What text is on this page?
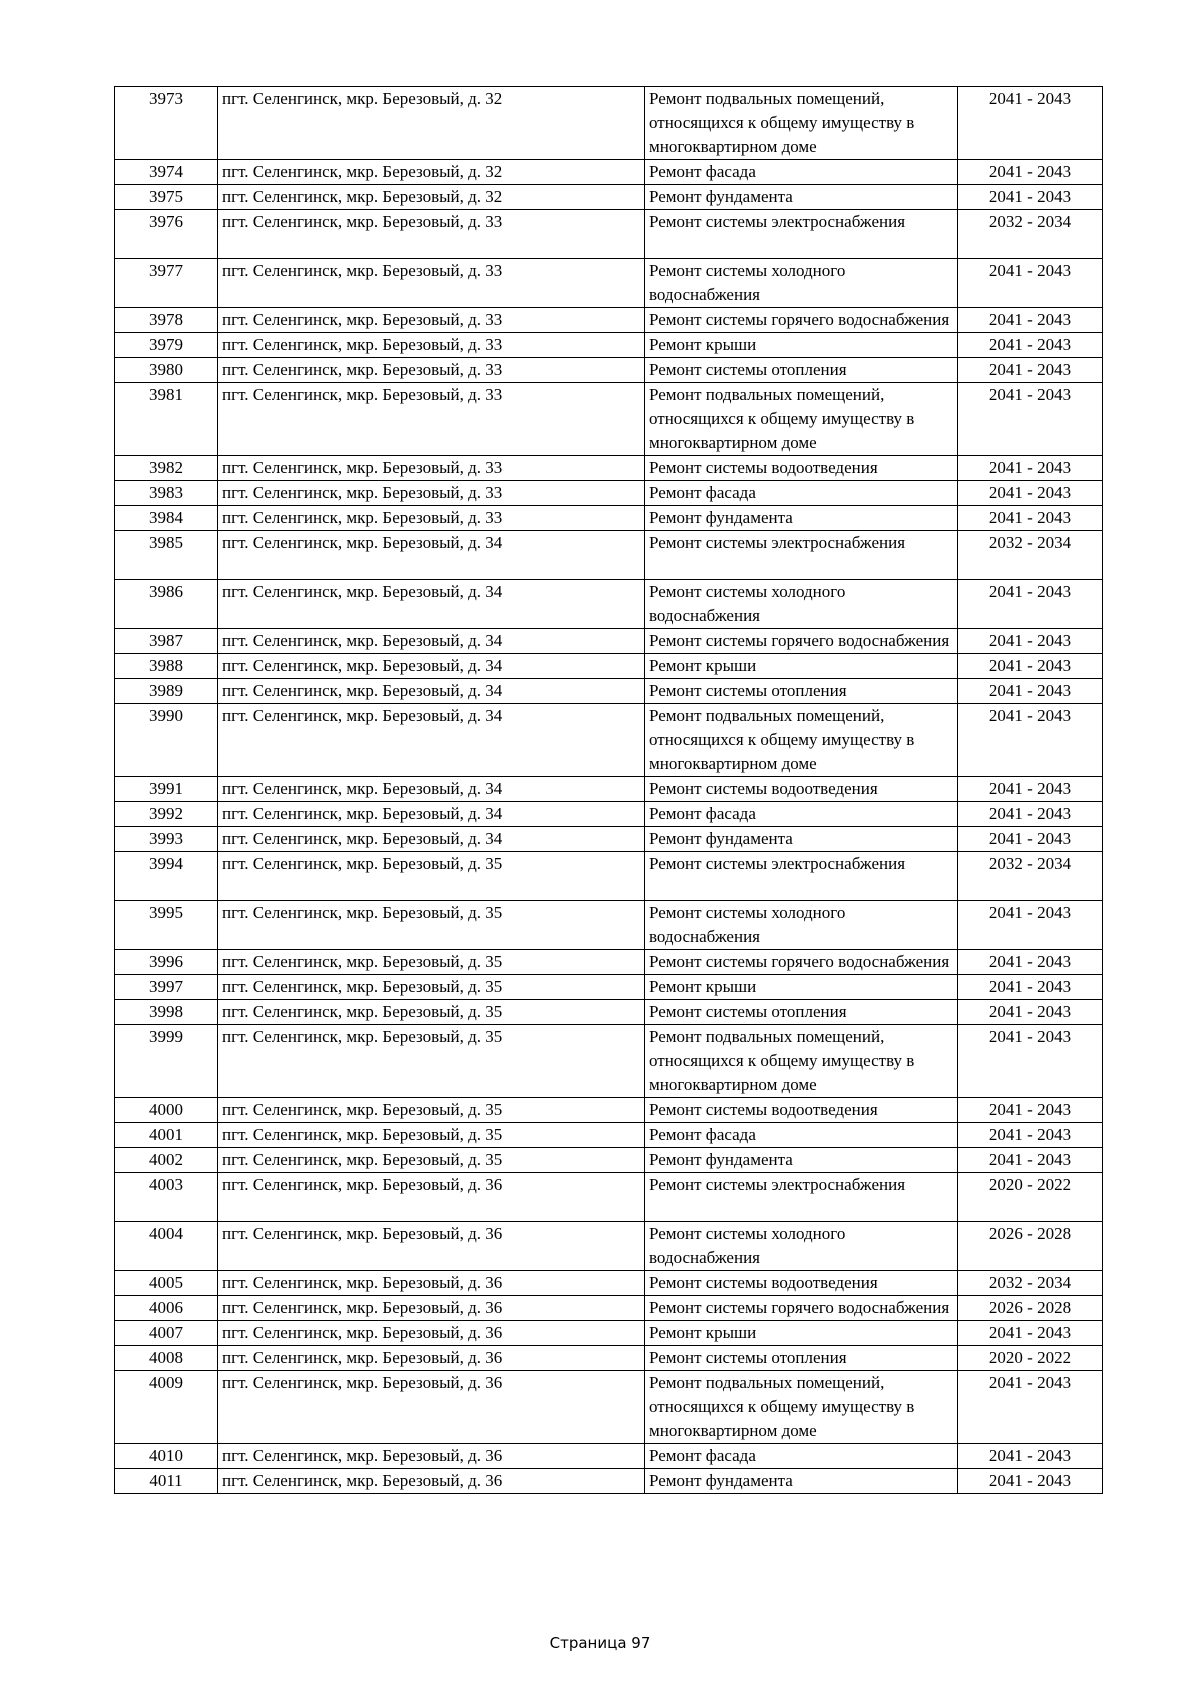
3973	пгт. Селенгинск, мкр. Березовый, д. 32	Ремонт подвальных помещений, относящихся к общему имуществу в многоквартирном доме	2041 - 2043
3974	пгт. Селенгинск, мкр. Березовый, д. 32	Ремонт фасада	2041 - 2043
3975	пгт. Селенгинск, мкр. Березовый, д. 32	Ремонт фундамента	2041 - 2043
3976	пгт. Селенгинск, мкр. Березовый, д. 33	Ремонт системы электроснабжения	2032 - 2034
3977	пгт. Селенгинск, мкр. Березовый, д. 33	Ремонт системы холодного водоснабжения	2041 - 2043
3978	пгт. Селенгинск, мкр. Березовый, д. 33	Ремонт системы горячего водоснабжения	2041 - 2043
3979	пгт. Селенгинск, мкр. Березовый, д. 33	Ремонт крыши	2041 - 2043
3980	пгт. Селенгинск, мкр. Березовый, д. 33	Ремонт системы отопления	2041 - 2043
3981	пгт. Селенгинск, мкр. Березовый, д. 33	Ремонт подвальных помещений, относящихся к общему имуществу в многоквартирном доме	2041 - 2043
3982	пгт. Селенгинск, мкр. Березовый, д. 33	Ремонт системы водоотведения	2041 - 2043
3983	пгт. Селенгинск, мкр. Березовый, д. 33	Ремонт фасада	2041 - 2043
3984	пгт. Селенгинск, мкр. Березовый, д. 33	Ремонт фундамента	2041 - 2043
3985	пгт. Селенгинск, мкр. Березовый, д. 34	Ремонт системы электроснабжения	2032 - 2034
3986	пгт. Селенгинск, мкр. Березовый, д. 34	Ремонт системы холодного водоснабжения	2041 - 2043
3987	пгт. Селенгинск, мкр. Березовый, д. 34	Ремонт системы горячего водоснабжения	2041 - 2043
3988	пгт. Селенгинск, мкр. Березовый, д. 34	Ремонт крыши	2041 - 2043
3989	пгт. Селенгинск, мкр. Березовый, д. 34	Ремонт системы отопления	2041 - 2043
3990	пгт. Селенгинск, мкр. Березовый, д. 34	Ремонт подвальных помещений, относящихся к общему имуществу в многоквартирном доме	2041 - 2043
3991	пгт. Селенгинск, мкр. Березовый, д. 34	Ремонт системы водоотведения	2041 - 2043
3992	пгт. Селенгинск, мкр. Березовый, д. 34	Ремонт фасада	2041 - 2043
3993	пгт. Селенгинск, мкр. Березовый, д. 34	Ремонт фундамента	2041 - 2043
3994	пгт. Селенгинск, мкр. Березовый, д. 35	Ремонт системы электроснабжения	2032 - 2034
3995	пгт. Селенгинск, мкр. Березовый, д. 35	Ремонт системы холодного водоснабжения	2041 - 2043
3996	пгт. Селенгинск, мкр. Березовый, д. 35	Ремонт системы горячего водоснабжения	2041 - 2043
3997	пгт. Селенгинск, мкр. Березовый, д. 35	Ремонт крыши	2041 - 2043
3998	пгт. Селенгинск, мкр. Березовый, д. 35	Ремонт системы отопления	2041 - 2043
3999	пгт. Селенгинск, мкр. Березовый, д. 35	Ремонт подвальных помещений, относящихся к общему имуществу в многоквартирном доме	2041 - 2043
4000	пгт. Селенгинск, мкр. Березовый, д. 35	Ремонт системы водоотведения	2041 - 2043
4001	пгт. Селенгинск, мкр. Березовый, д. 35	Ремонт фасада	2041 - 2043
4002	пгт. Селенгинск, мкр. Березовый, д. 35	Ремонт фундамента	2041 - 2043
4003	пгт. Селенгинск, мкр. Березовый, д. 36	Ремонт системы электроснабжения	2020 - 2022
4004	пгт. Селенгинск, мкр. Березовый, д. 36	Ремонт системы холодного водоснабжения	2026 - 2028
4005	пгт. Селенгинск, мкр. Березовый, д. 36	Ремонт системы водоотведения	2032 - 2034
4006	пгт. Селенгинск, мкр. Березовый, д. 36	Ремонт системы горячего водоснабжения	2026 - 2028
4007	пгт. Селенгинск, мкр. Березовый, д. 36	Ремонт крыши	2041 - 2043
4008	пгт. Селенгинск, мкр. Березовый, д. 36	Ремонт системы отопления	2020 - 2022
4009	пгт. Селенгинск, мкр. Березовый, д. 36	Ремонт подвальных помещений, относящихся к общему имуществу в многоквартирном доме	2041 - 2043
4010	пгт. Селенгинск, мкр. Березовый, д. 36	Ремонт фасада	2041 - 2043
4011	пгт. Селенгинск, мкр. Березовый, д. 36	Ремонт фундамента	2041 - 2043
Страница 97
